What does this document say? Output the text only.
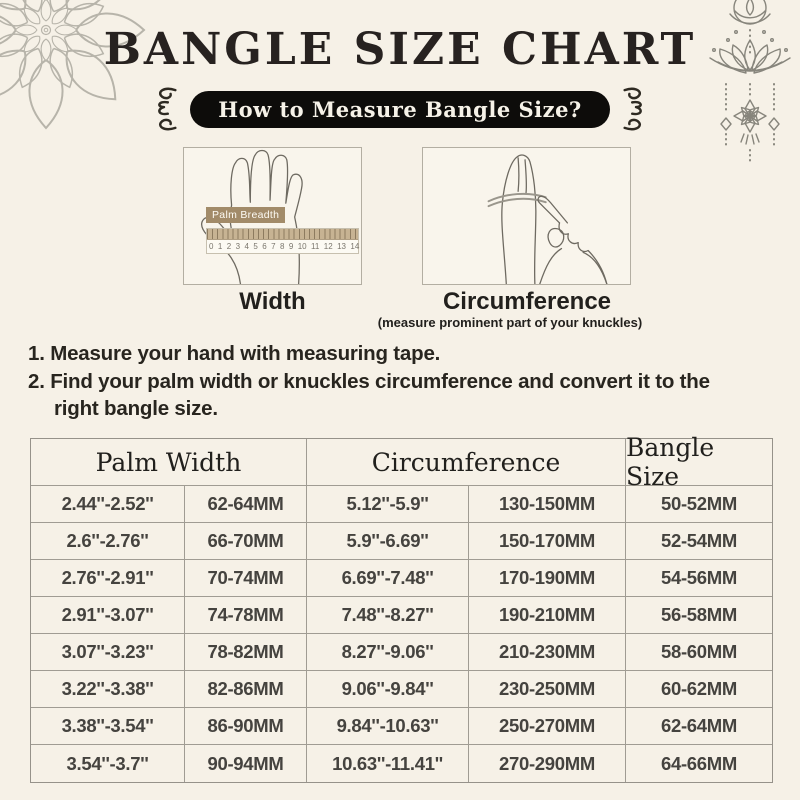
BANGLE SIZE CHART
How to Measure Bangle Size?
Palm Breadth
0 1 2 3 4 5 6 7 8 9 10 11 12 13 14
Width	Circumference
(measure prominent part of your knuckles)
1. Measure your hand with measuring tape.
2. Find your palm width or knuckles circumference and convert it to the
right bangle size.
Palm Width	Circumference	Bangle Size
2.44''-2.52''	62-64MM	5.12''-5.9''	130-150MM	50-52MM
2.6''-2.76''	66-70MM	5.9''-6.69''	150-170MM	52-54MM
2.76''-2.91''	70-74MM	6.69''-7.48''	170-190MM	54-56MM
2.91''-3.07''	74-78MM	7.48''-8.27''	190-210MM	56-58MM
3.07''-3.23''	78-82MM	8.27''-9.06''	210-230MM	58-60MM
3.22''-3.38''	82-86MM	9.06''-9.84''	230-250MM	60-62MM
3.38''-3.54''	86-90MM	9.84''-10.63''	250-270MM	62-64MM
3.54''-3.7''	90-94MM	10.63''-11.41''	270-290MM	64-66MM
